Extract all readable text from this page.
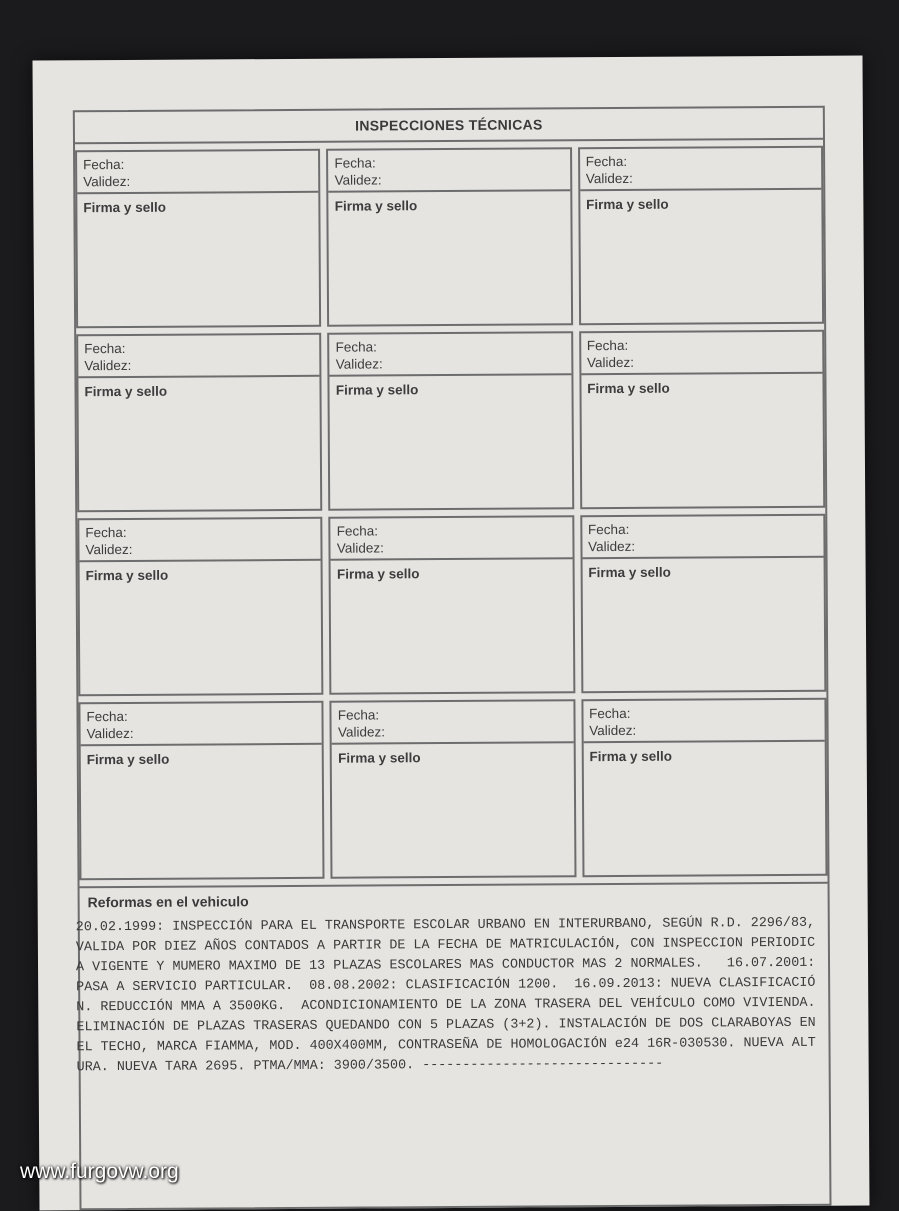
INSPECCIONES TÉCNICAS
Fecha:
Validez:
Firma y sello
Fecha:
Validez:
Firma y sello
Fecha:
Validez:
Firma y sello
Fecha:
Validez:
Firma y sello
Fecha:
Validez:
Firma y sello
Fecha:
Validez:
Firma y sello
Fecha:
Validez:
Firma y sello
Fecha:
Validez:
Firma y sello
Fecha:
Validez:
Firma y sello
Fecha:
Validez:
Firma y sello
Fecha:
Validez:
Firma y sello
Fecha:
Validez:
Firma y sello
Reformas en el vehiculo
20.02.1999: INSPECCIÓN PARA EL TRANSPORTE ESCOLAR URBANO EN INTERURBANO, SEGÚN R.D. 2296/83, VALIDA POR DIEZ AÑOS CONTADOS A PARTIR DE LA FECHA DE MATRICULACIÓN, CON INSPECCION PERIODICA VIGENTE Y MUMERO MAXIMO DE 13 PLAZAS ESCOLARES MAS CONDUCTOR MAS 2 NORMALES.   16.07.2001: PASA A SERVICIO PARTICULAR.  08.08.2002: CLASIFICACIÓN 1200.  16.09.2013: NUEVA CLASIFICACIÓN. REDUCCIÓN MMA A 3500KG.  ACONDICIONAMIENTO DE LA ZONA TRASERA DEL VEHÍCULO COMO VIVIENDA.  ELIMINACIÓN DE PLAZAS TRASERAS QUEDANDO CON 5 PLAZAS (3+2). INSTALACIÓN DE DOS CLARABOYAS EN EL TECHO, MARCA FIAMMA, MOD. 400X400MM, CONTRASEÑA DE HOMOLOGACIÓN e24 16R-030530. NUEVA ALTURA. NUEVA TARA 2695. PTMA/MMA: 3900/3500. ------------------------------
www.furgovw.org
